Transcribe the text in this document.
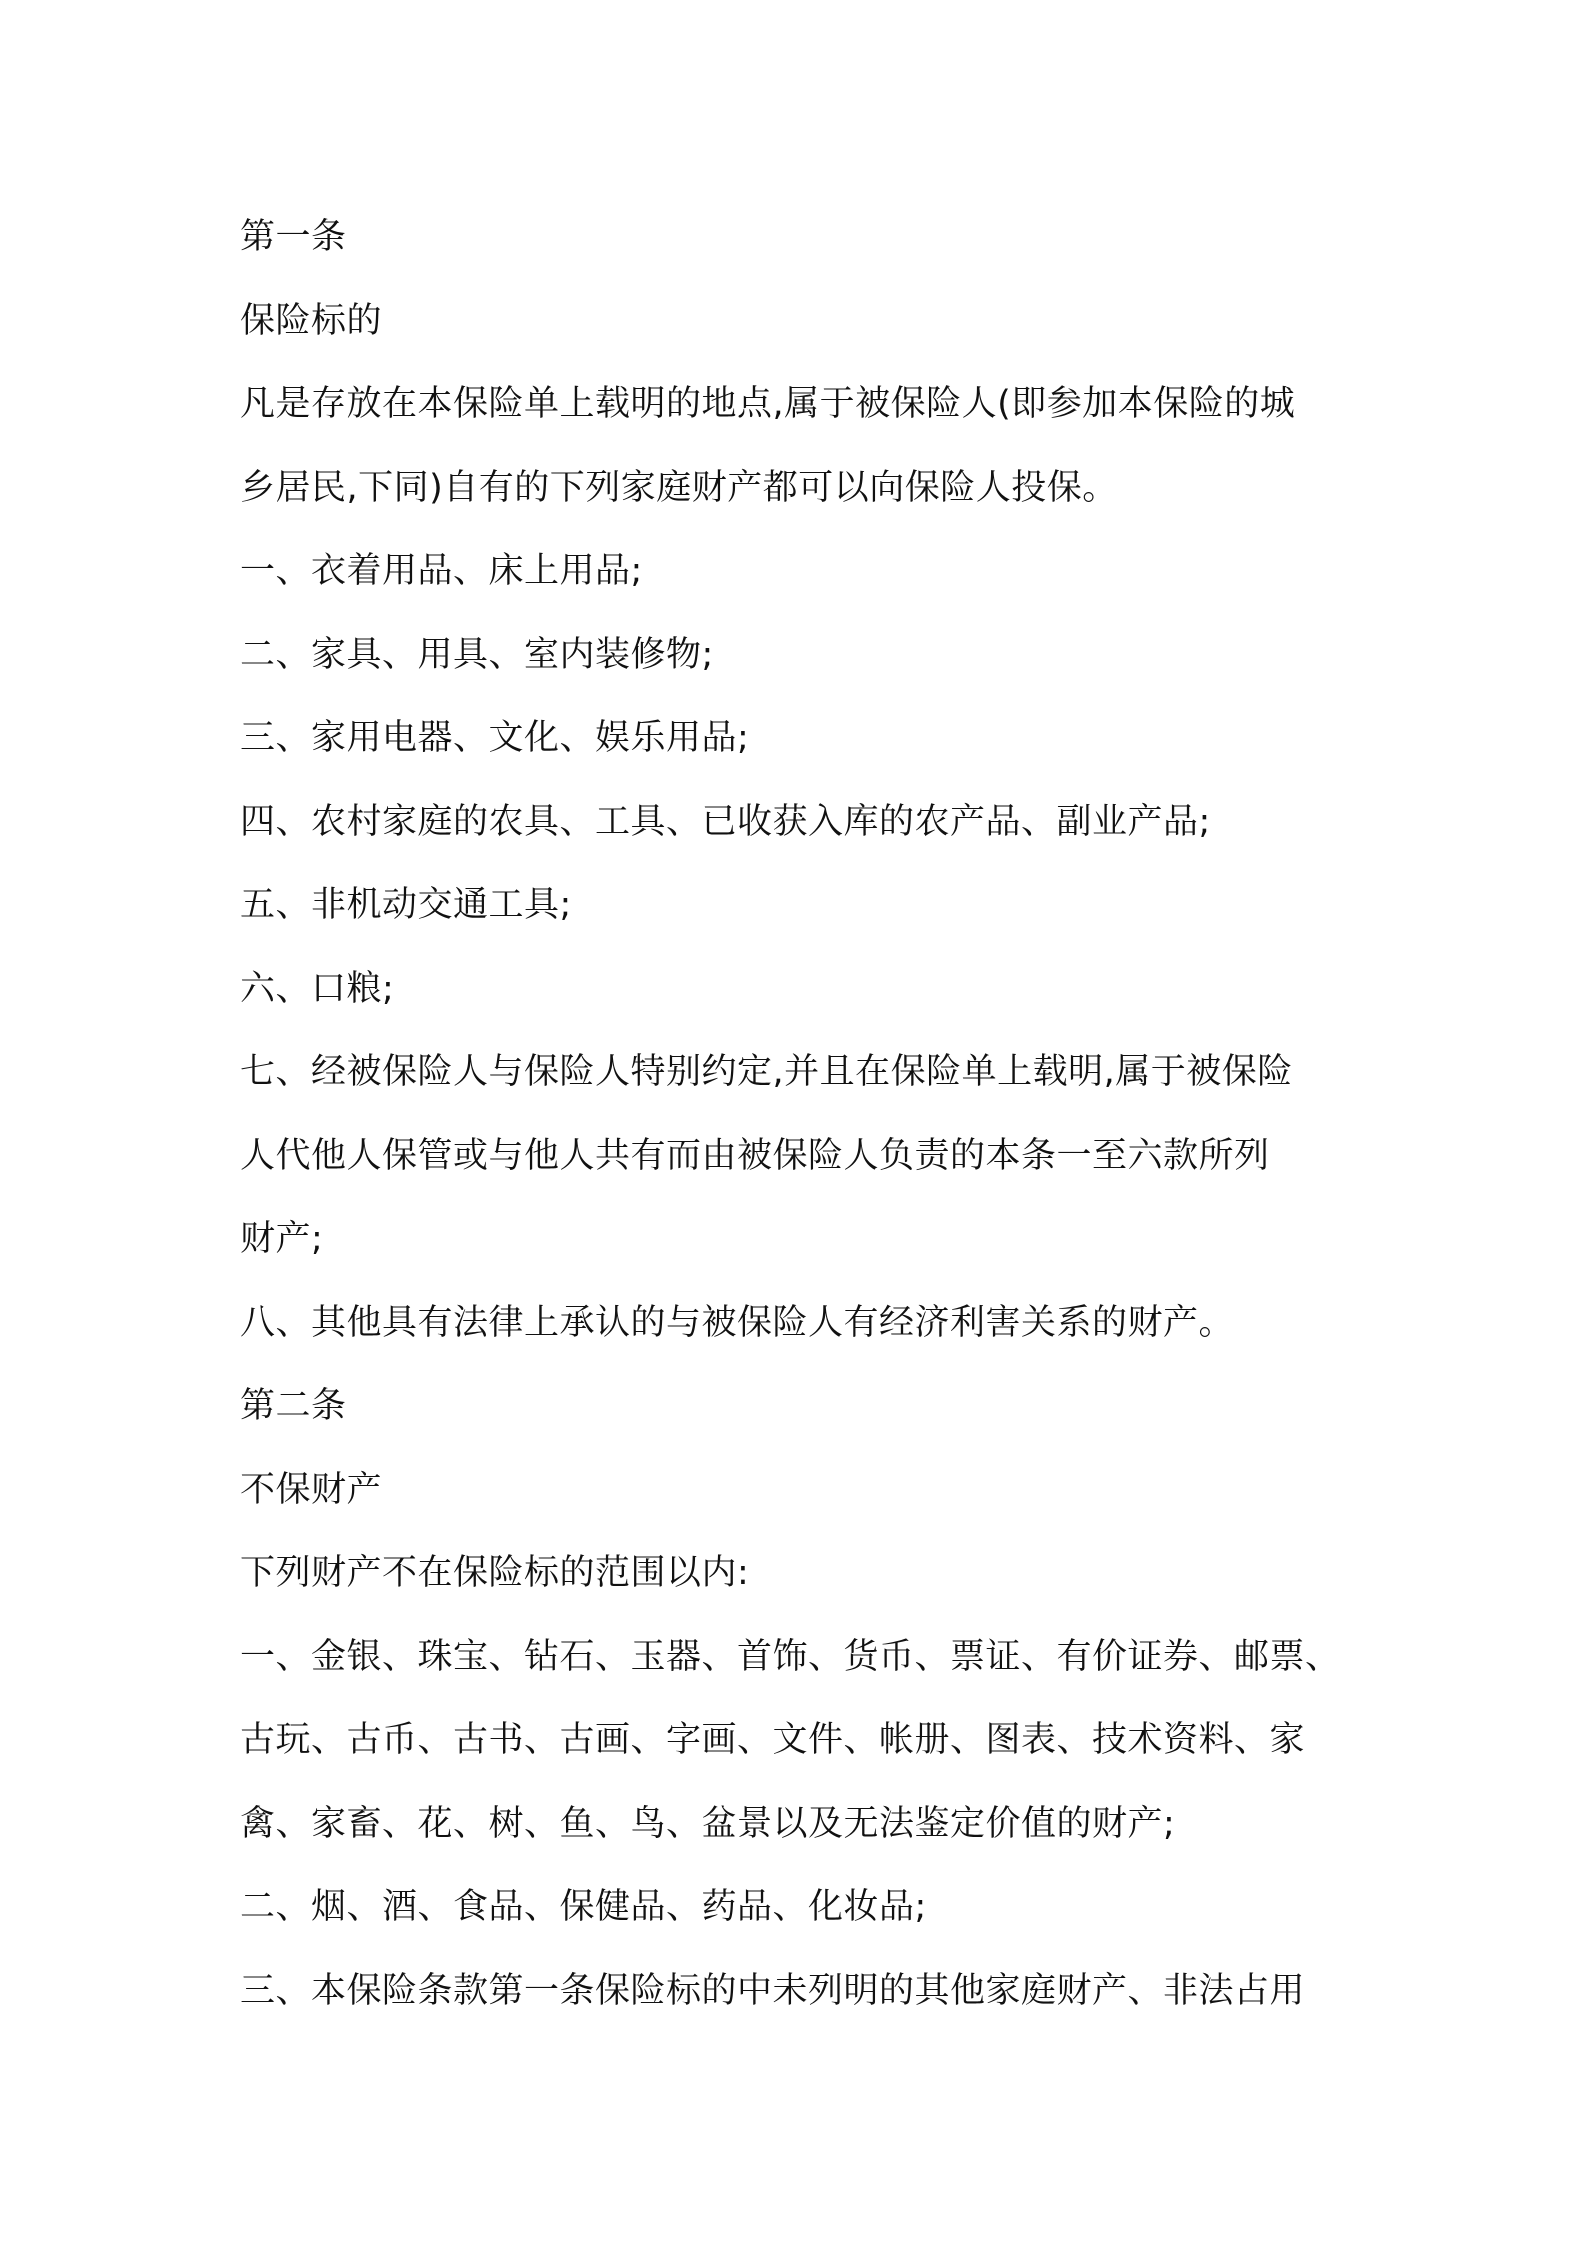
第一条
保险标的
凡是存放在本保险单上载明的地点,属于被保险人(即参加本保险的城
乡居民,下同)自有的下列家庭财产都可以向保险人投保。
一、衣着用品、床上用品;
二、家具、用具、室内装修物;
三、家用电器、文化、娱乐用品;
四、农村家庭的农具、工具、已收获入库的农产品、副业产品;
五、非机动交通工具;
六、口粮;
七、经被保险人与保险人特别约定,并且在保险单上载明,属于被保险
人代他人保管或与他人共有而由被保险人负责的本条一至六款所列
财产;
八、其他具有法律上承认的与被保险人有经济利害关系的财产。
第二条
不保财产
下列财产不在保险标的范围以内:
一、金银、珠宝、钻石、玉器、首饰、货币、票证、有价证券、邮票、
古玩、古币、古书、古画、字画、文件、帐册、图表、技术资料、家
禽、家畜、花、树、鱼、鸟、盆景以及无法鉴定价值的财产;
二、烟、酒、食品、保健品、药品、化妆品;
三、本保险条款第一条保险标的中未列明的其他家庭财产、非法占用
